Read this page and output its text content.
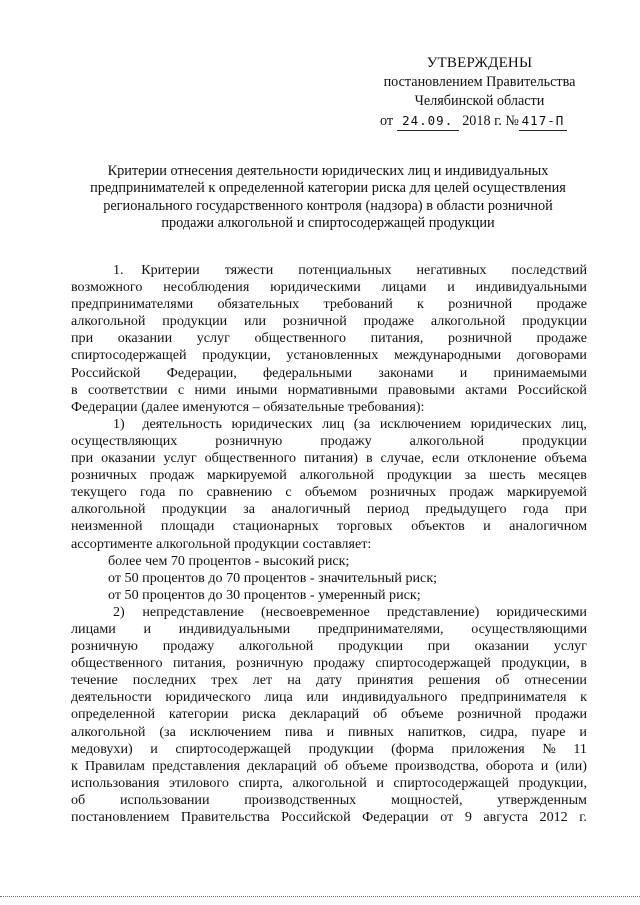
УТВЕРЖДЕНЫ
постановлением Правительства
Челябинской области
от 24.09. 2018 г. № 417-П
Критерии отнесения деятельности юридических лиц и индивидуальных
предпринимателей к определенной категории риска для целей осуществления
регионального государственного контроля (надзора) в области розничной
продажи алкогольной и спиртосодержащей продукции
1.     Критерии тяжести потенциальных негативных последствий
возможного несоблюдения юридическими лицами и индивидуальными
предпринимателями обязательных требований к розничной продаже
алкогольной продукции или розничной продаже алкогольной продукции
при оказании услуг общественного питания, розничной продаже
спиртосодержащей продукции, установленных международными договорами
Российской Федерации, федеральными законами и принимаемыми
в соответствии с ними иными нормативными правовыми актами Российской
Федерации (далее именуются – обязательные требования):
1)     деятельность юридических лиц (за исключением юридических лиц,
осуществляющих	розничную	продажу	алкогольной	продукции
при оказании услуг общественного питания) в случае, если отклонение объема
розничных продаж маркируемой алкогольной продукции за шесть месяцев
текущего года по сравнению с объемом розничных продаж маркируемой
алкогольной продукции за аналогичный период предыдущего года при
неизменной площади стационарных торговых объектов и аналогичном
ассортименте алкогольной продукции составляет:
более чем 70 процентов - высокий риск;
от 50 процентов до 70 процентов - значительный риск;
от 50 процентов до 30 процентов - умеренный риск;
2)     непредставление (несвоевременное представление) юридическими
лицами и индивидуальными предпринимателями, осуществляющими
розничную продажу алкогольной продукции при оказании услуг
общественного питания, розничную продажу спиртосодержащей продукции, в
течение последних трех лет на дату принятия решения об отнесении
деятельности юридического лица или индивидуального предпринимателя к
определенной категории риска деклараций об объеме розничной продажи
алкогольной (за исключением пива и пивных напитков, сидра, пуаре и
медовухи) и спиртосодержащей продукции (форма приложения № 11
к Правилам представления деклараций об объеме производства, оборота и (или)
использования этилового спирта, алкогольной и спиртосодержащей продукции,
об использовании производственных мощностей, утвержденным
постановлением Правительства Российской Федерации от 9 августа 2012 г.
